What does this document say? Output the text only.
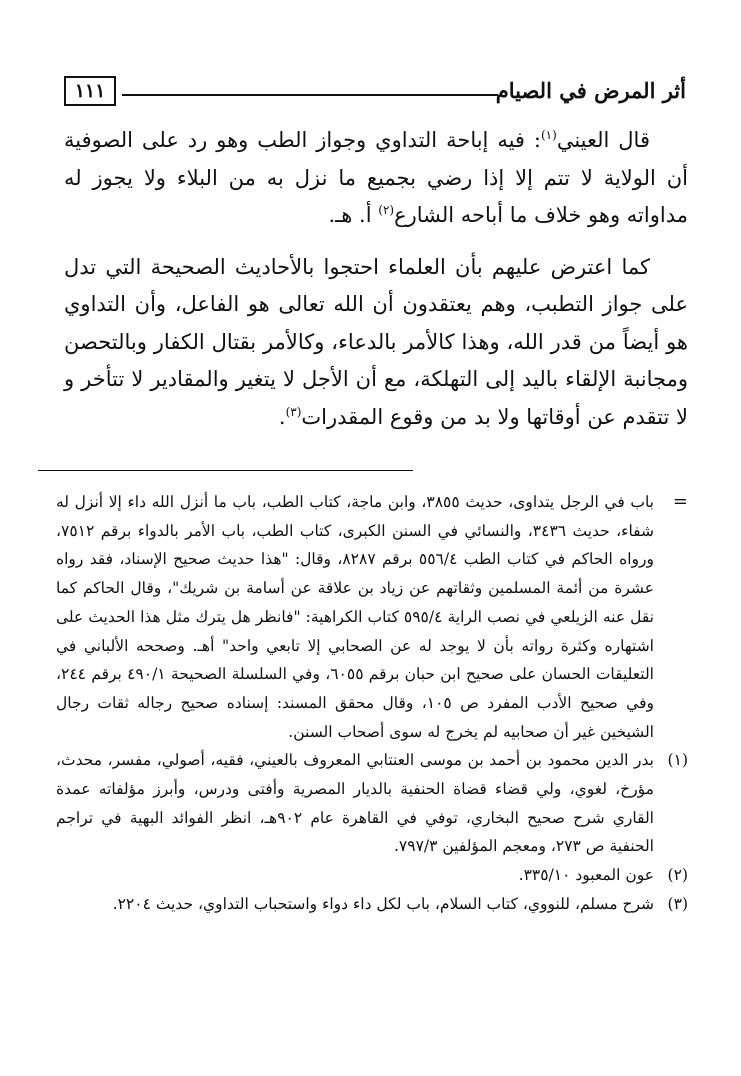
أثر المرض في الصيام
١١١

قال العيني$^{(١)}$: فيه إباحة التداوي وجواز الطب وهو رد على الصوفية أن الولاية لا تتم إلا إذا رضي بجميع ما نزل به من البلاء ولا يجوز له مداواته وهو خلاف ما أباحه الشارع$^{(٢)}$ أ. هـ.

كما اعترض عليهم بأن العلماء احتجوا بالأحاديث الصحيحة التي تدل على جواز التطبب، وهم يعتقدون أن الله تعالى هو الفاعل، وأن التداوي هو أيضاً من قدر الله، وهذا كالأمر بالدعاء، وكالأمر بقتال الكفار وبالتحصن ومجانبة الإلقاء باليد إلى التهلكة، مع أن الأجل لا يتغير والمقادير لا تتأخر و لا تتقدم عن أوقاتها ولا بد من وقوع المقدرات$^{(٣)}$.

=
باب في الرجل يتداوى، حديث ٣٨٥٥، وابن ماجة، كتاب الطب، باب ما أنزل الله داء إلا أنزل له شفاء، حديث ٣٤٣٦، والنسائي في السنن الكبرى، كتاب الطب، باب الأمر بالدواء برقم ٧٥١٢، ورواه الحاكم في كتاب الطب ٥٥٦/٤ برقم ٨٢٨٧، وقال: "هذا حديث صحيح الإسناد، فقد رواه عشرة من أئمة المسلمين وثقاتهم عن زياد بن علاقة عن أسامة بن شريك"، وقال الحاكم كما نقل عنه الزيلعي في نصب الراية ٥٩٥/٤ كتاب الكراهية: "فانظر هل يترك مثل هذا الحديث على اشتهاره وكثرة رواته بأن لا يوجد له عن الصحابي إلا تابعي واحد" أهـ. وصححه الألباني في التعليقات الحسان على صحيح ابن حبان برقم ٦٠٥٥، وفي السلسلة الصحيحة ٤٩٠/١ برقم ٢٤٤، وفي صحيح الأدب المفرد ص ١٠٥، وقال محقق المسند: إسناده صحيح رجاله ثقات رجال الشيخين غير أن صحابيه لم يخرج له سوى أصحاب السنن.
(١)
بدر الدين محمود بن أحمد بن موسى العنتابي المعروف بالعيني، فقيه، أصولي، مفسر، محدث، مؤرخ، لغوي، ولي قضاء قضاة الحنفية بالديار المصرية وأفتى ودرس، وأبرز مؤلفاته عمدة القاري شرح صحيح البخاري، توفي في القاهرة عام ٩٠٢هـ، انظر الفوائد البهية في تراجم الحنفية ص ٢٧٣، ومعجم المؤلفين ٧٩٧/٣.
(٢)
عون المعبود ٣٣٥/١٠.
(٣)
شرح مسلم، للنووي، كتاب السلام، باب لكل داء دواء واستحباب التداوي، حديث ٢٢٠٤.
